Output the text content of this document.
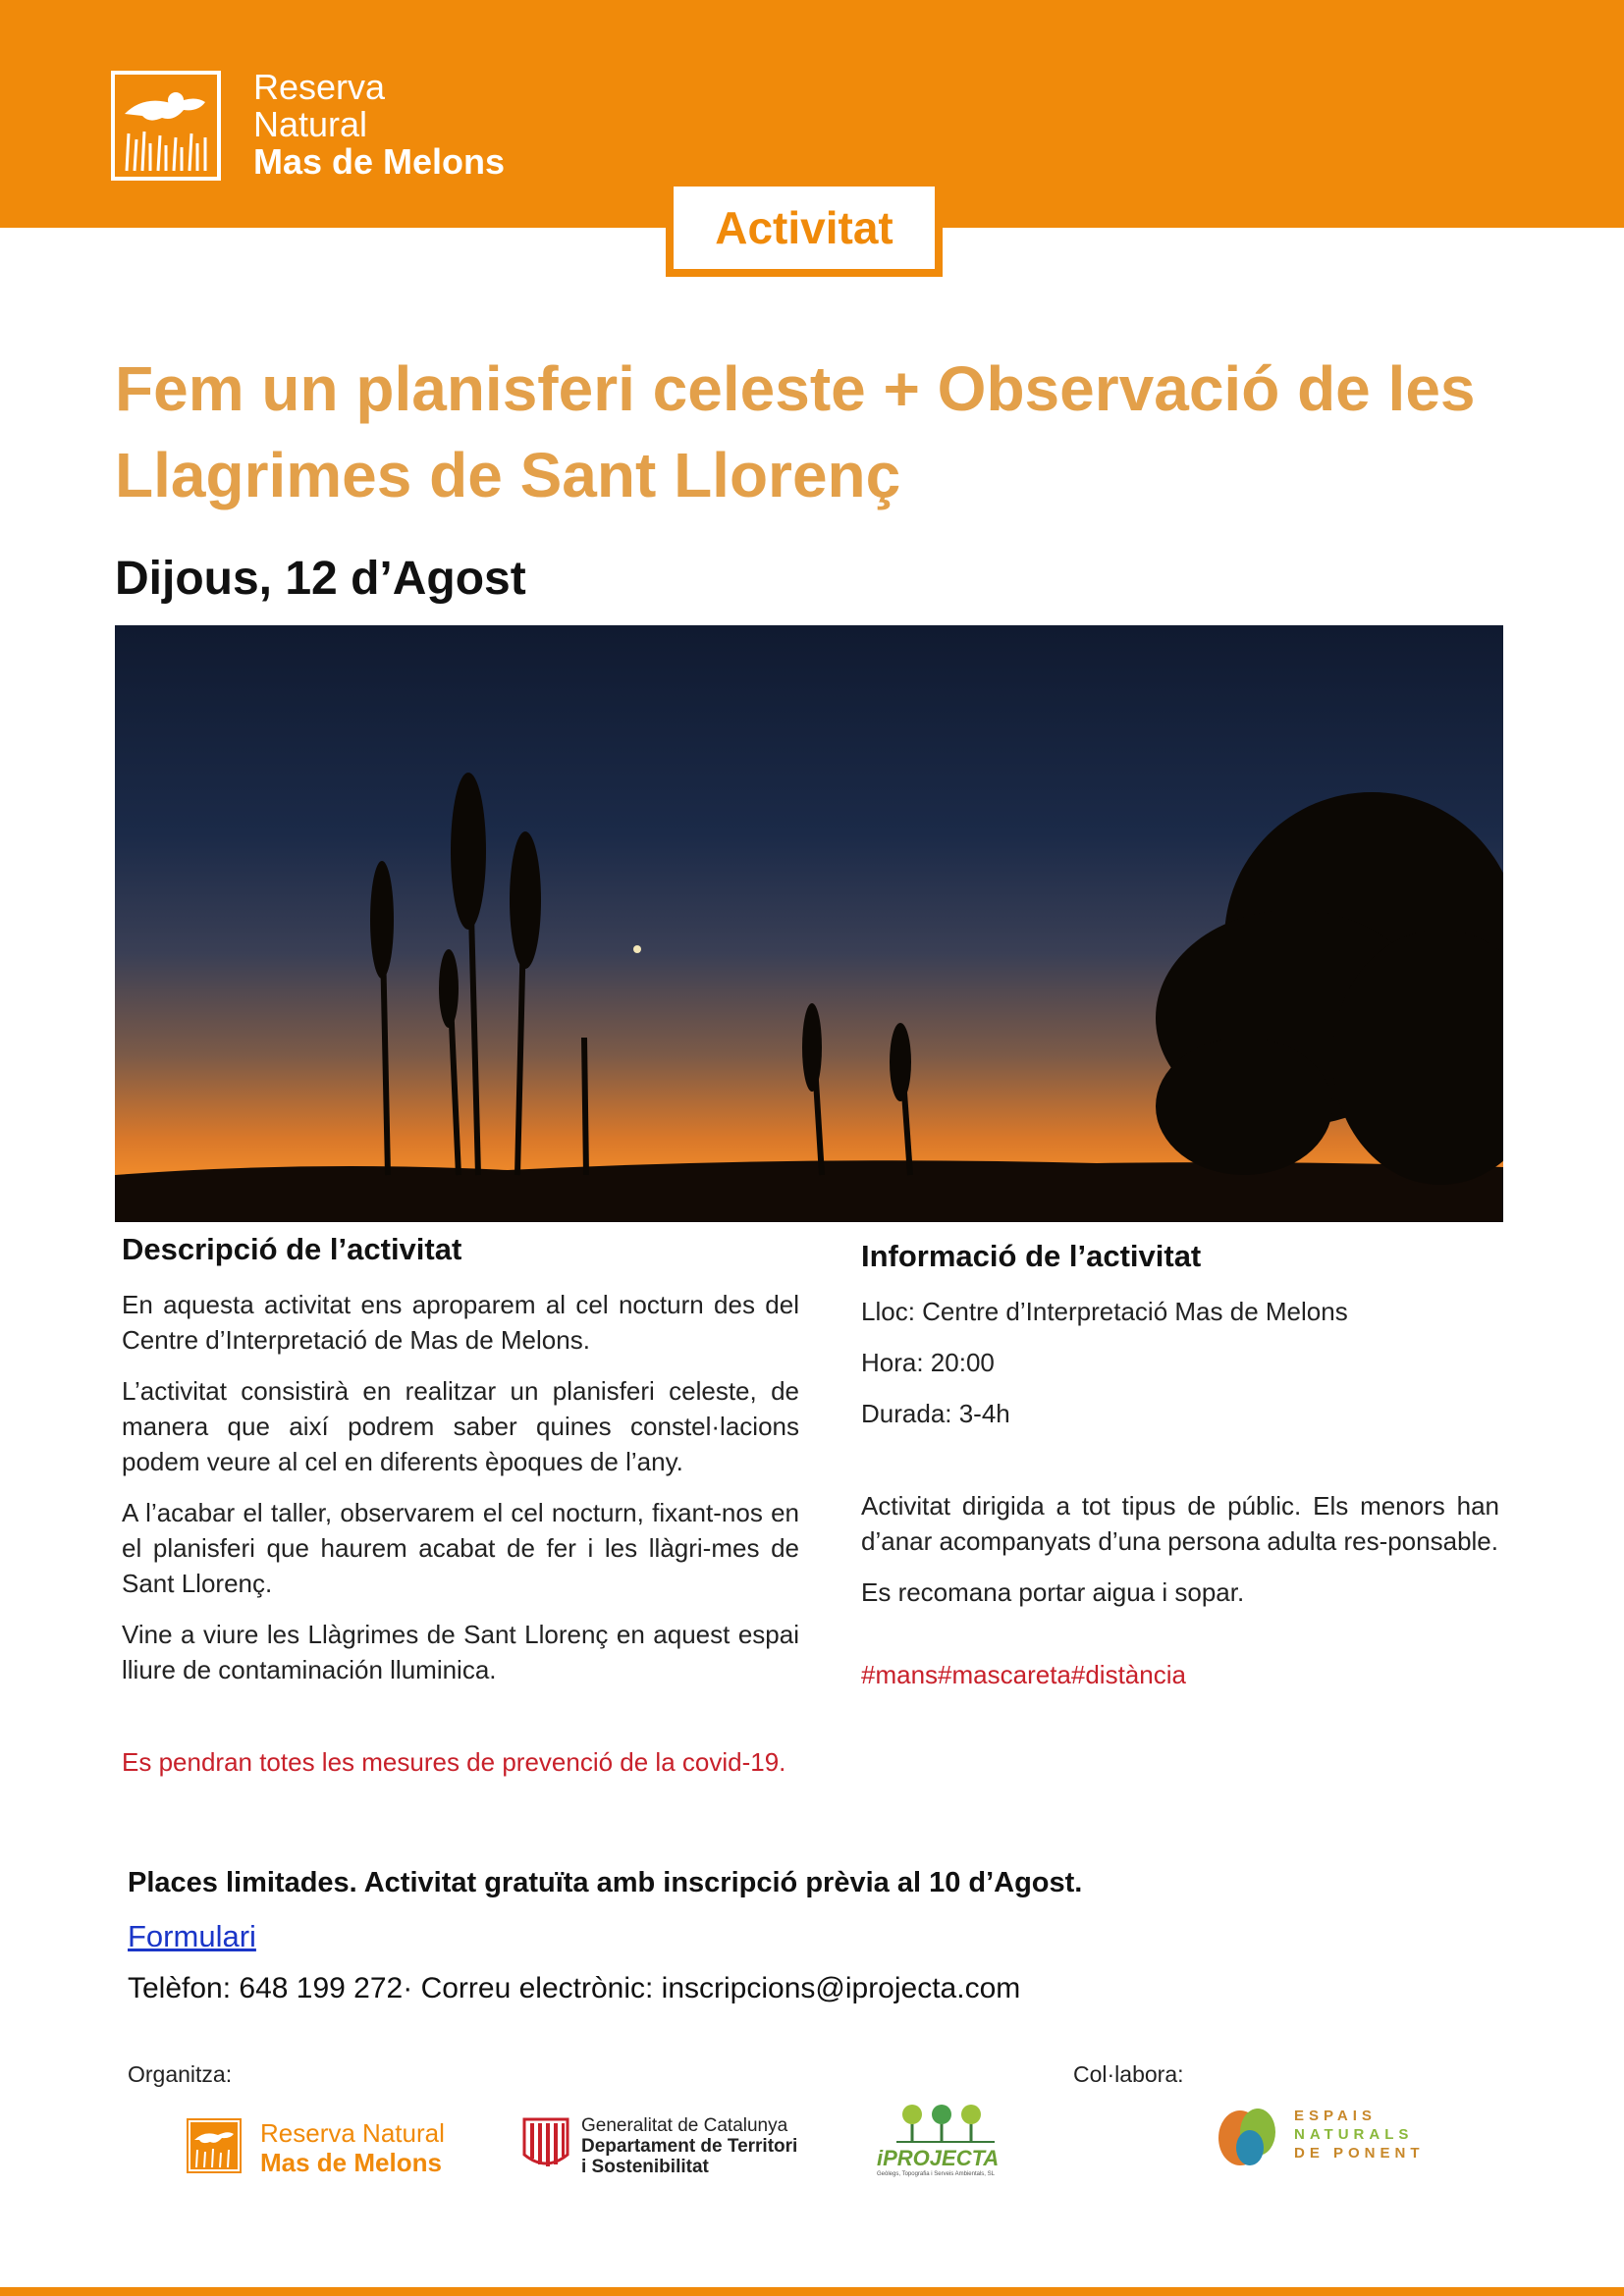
Reserva
Natural
Mas de Melons
Activitat
Fem un planisferi celeste + Observació de les Llagrimes de Sant Llorenç
Dijous, 12 d’Agost
Descripció de l’activitat

En aquesta activitat ens aproparem al cel nocturn des del Centre d’Interpretació de Mas de Melons.

L’activitat consistirà en realitzar un planisferi celeste, de manera que així podrem saber quines constel·lacions podem veure al cel en diferents èpoques de l’any.

A l’acabar el taller, observarem el cel nocturn, fixant-nos en el planisferi que haurem acabat de fer i les llàgri-mes de Sant Llorenç.

Vine a viure les Llàgrimes de Sant Llorenç en aquest espai lliure de contaminación lluminica.

Es pendran totes les mesures de prevenció de la covid-19.

Informació de l’activitat

Lloc: Centre d’Interpretació Mas de Melons

Hora: 20:00

Durada: 3-4h

Activitat dirigida a tot tipus de públic. Els menors han d’anar acompanyats d’una persona adulta res-ponsable.

Es recomana portar aigua i sopar.

#mans#mascareta#distància

Places limitades. Activitat gratuïta amb inscripció prèvia al 10 d’Agost.

Formulari

Telèfon: 648 199 272· Correu electrònic: inscripcions@iprojecta.com

Organitza:	Col·labora:
Reserva Natural
Mas de Melons
Generalitat de Catalunya
Departament de Territori
i Sostenibilitat	iPROJECTA
Geòlegs, Topografia i Serveis Ambientals, SL
ESPAIS
NATURALS
DE PONENT
